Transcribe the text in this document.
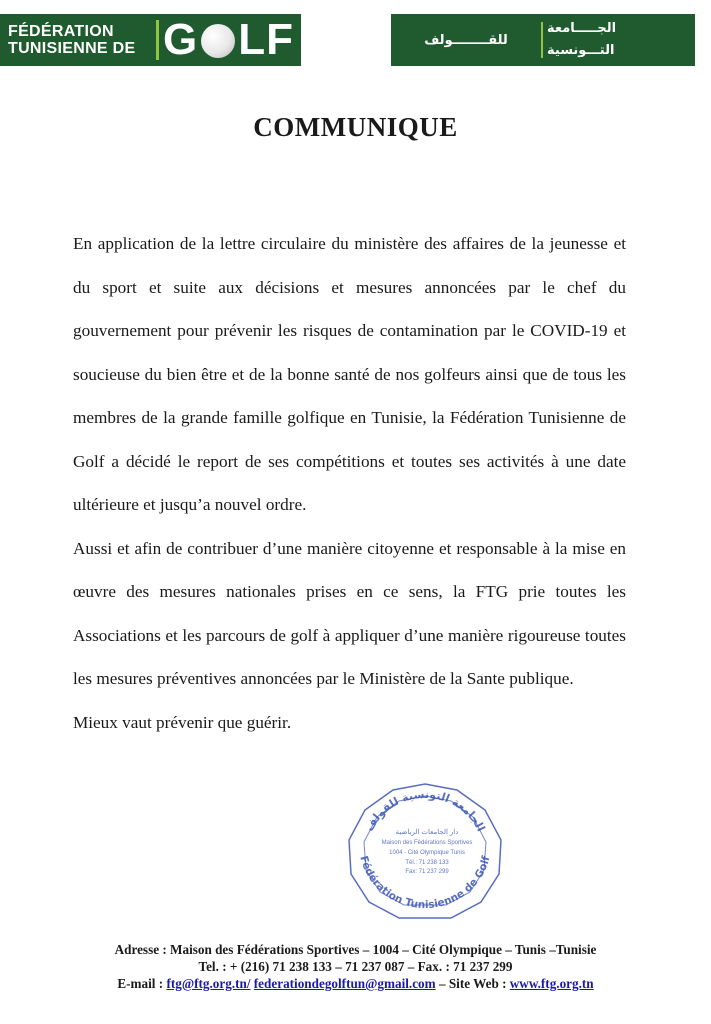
FÉDÉRATION
TUNISIENNE DE G LF	للقــــــــولف
الجـــــامعة
التـــونسية
COMMUNIQUE

En application de la lettre circulaire du ministère des affaires de la jeunesse et du sport et suite aux décisions et mesures annoncées par le chef du gouvernement pour prévenir les risques de contamination par le COVID-19 et soucieuse du bien être et de la bonne santé de nos golfeurs ainsi que de tous les membres de la grande famille golfique en Tunisie, la Fédération Tunisienne de Golf a décidé le report de ses compétitions et toutes ses activités à une date ultérieure et jusqu’a nouvel ordre.

Aussi et afin de contribuer d’une manière citoyenne et responsable à la mise en œuvre des mesures nationales prises en ce sens, la FTG prie toutes les Associations et les parcours de golf à appliquer d’une manière rigoureuse toutes les mesures préventives annoncées par le Ministère de la Sante publique.

Mieux vaut prévenir que guérir.

الجامعة التونسية للقولف
Fédération Tunisienne de Golf
دار الجامعات الرياضية
Maison des Fédérations Sportives
1004 - Cité Olympique Tunis
Tél.: 71 238 133
Fax: 71 237 299
Adresse : Maison des Fédérations Sportives – 1004 – Cité Olympique – Tunis –Tunisie
Tel. : + (216) 71 238 133 – 71 237 087 – Fax. : 71 237 299
E-mail : ftg@ftg.org.tn/ federationdegolftun@gmail.com – Site Web : www.ftg.org.tn
